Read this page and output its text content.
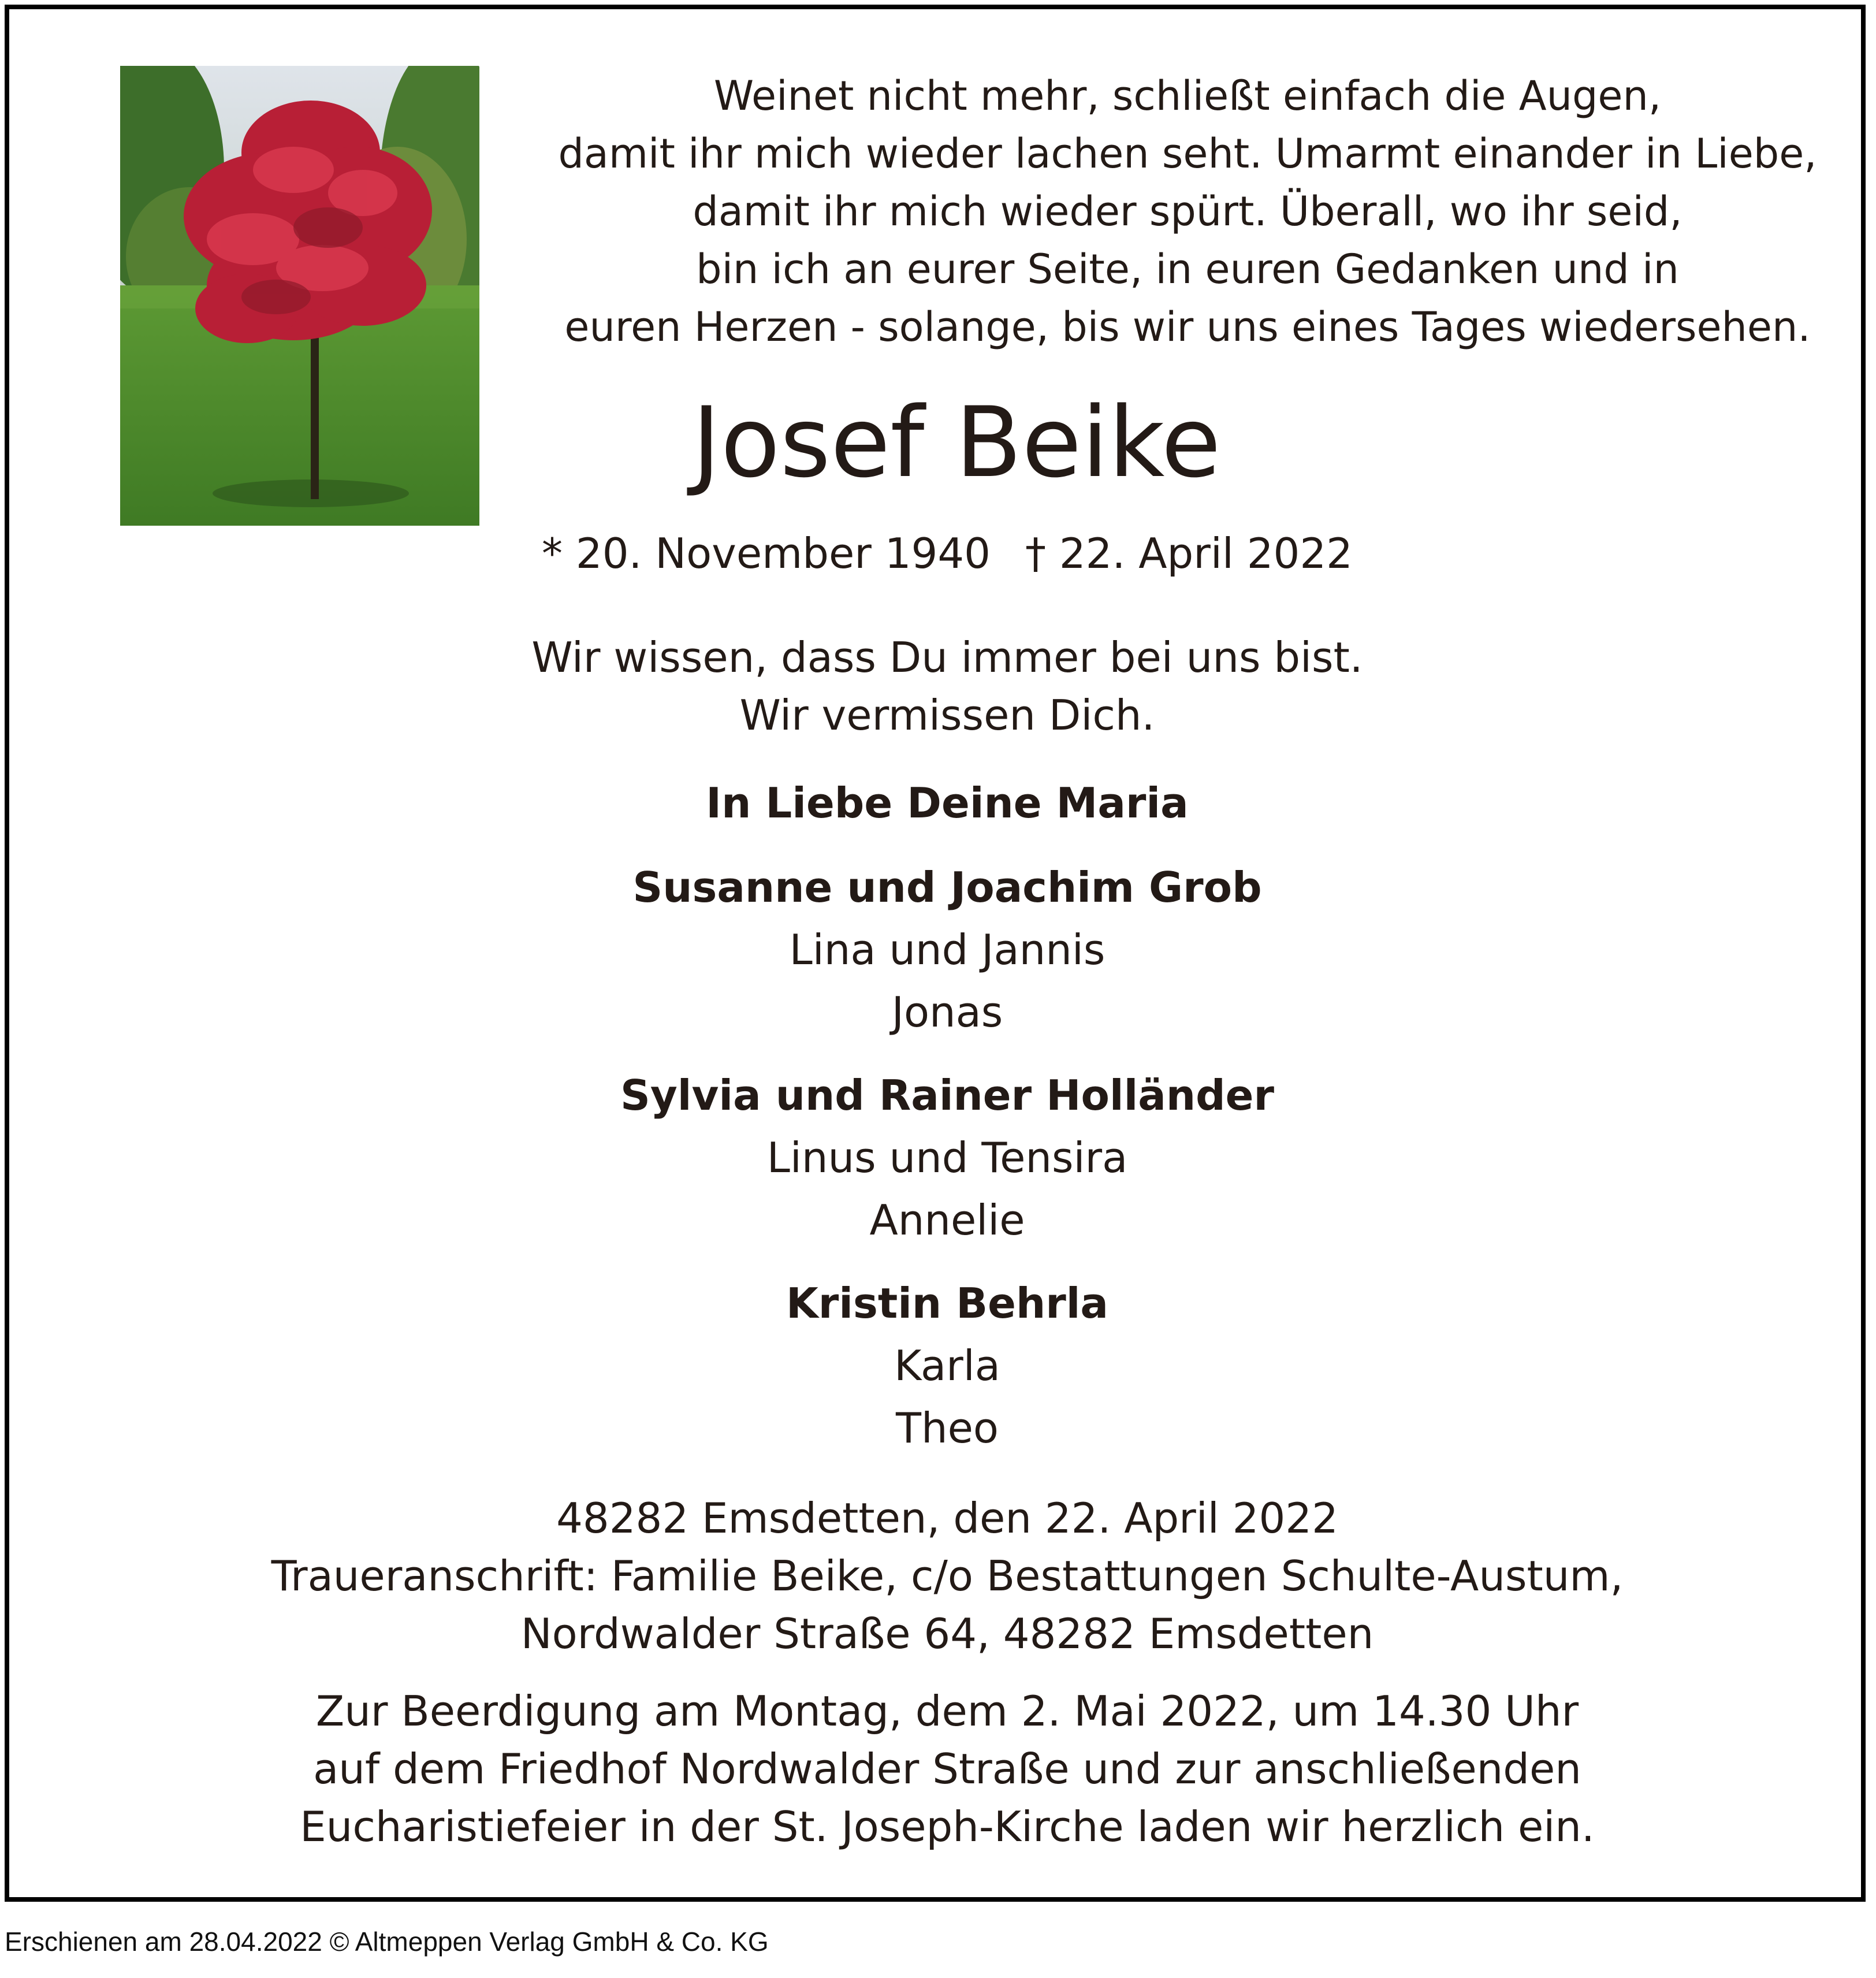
Weinet nicht mehr, schließt einfach die Augen,
damit ihr mich wieder lachen seht. Umarmt einander in Liebe,
damit ihr mich wieder spürt. Überall, wo ihr seid,
bin ich an eurer Seite, in euren Gedanken und in
euren Herzen - solange, bis wir uns eines Tages wiedersehen.
Josef Beike
* 20. November 1940 † 22. April 2022
Wir wissen, dass Du immer bei uns bist.
Wir vermissen Dich.
In Liebe Deine Maria
Susanne und Joachim Grob
Lina und Jannis
Jonas
Sylvia und Rainer Holländer
Linus und Tensira
Annelie
Kristin Behrla
Karla
Theo
48282 Emsdetten, den 22. April 2022
Traueranschrift: Familie Beike, c/o Bestattungen Schulte-Austum,
Nordwalder Straße 64, 48282 Emsdetten
Zur Beerdigung am Montag, dem 2. Mai 2022, um 14.30 Uhr
auf dem Friedhof Nordwalder Straße und zur anschließenden
Eucharistiefeier in der St. Joseph-Kirche laden wir herzlich ein.
Erschienen am 28.04.2022 © Altmeppen Verlag GmbH & Co. KG
